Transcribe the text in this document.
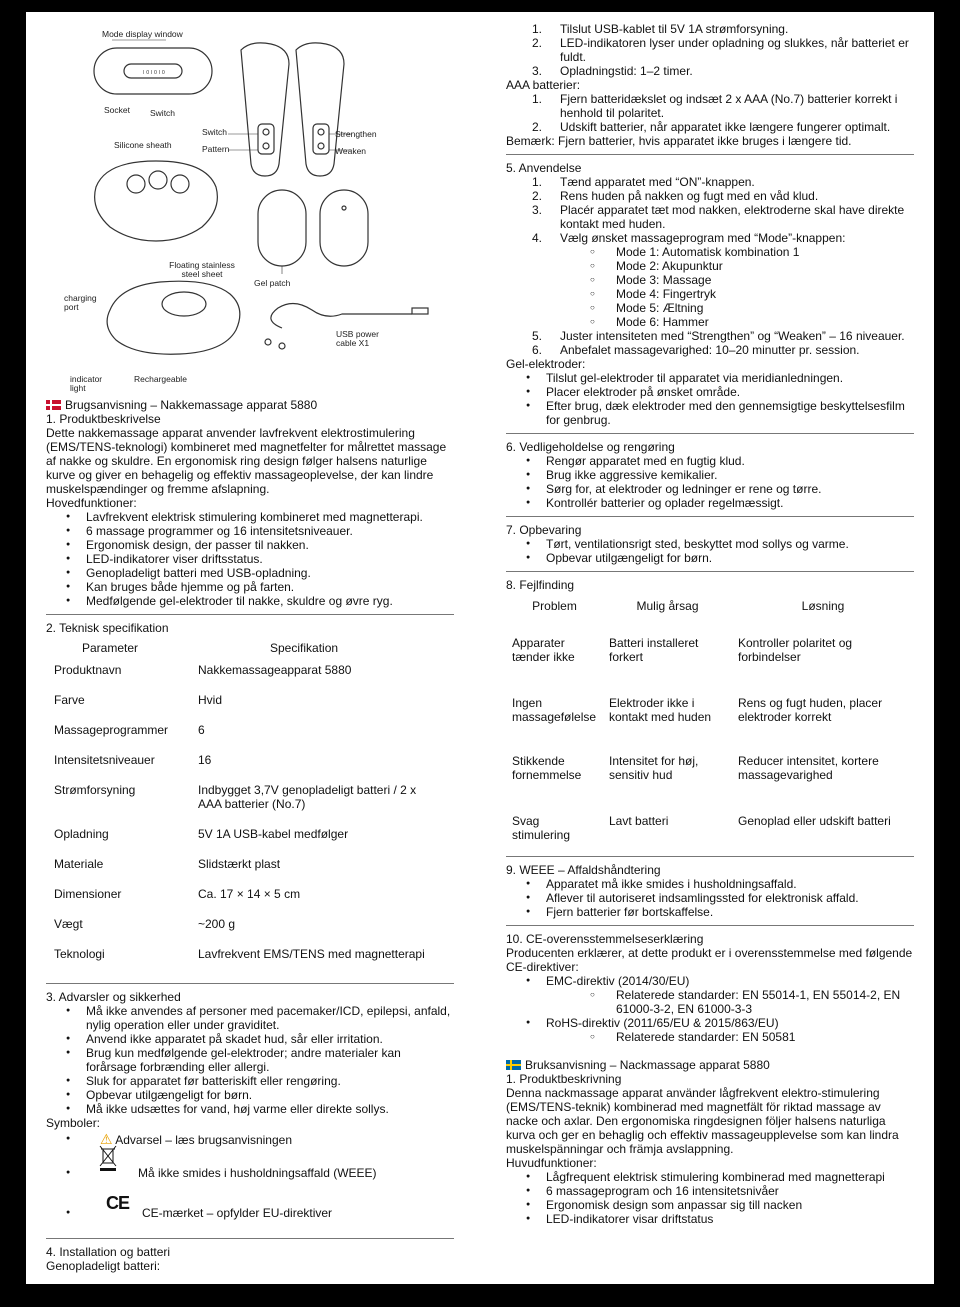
I 0 I 0 I 0
Mode display window
Socket Switch
Switch
Pattern
Strengthen
Weaken
Silicone sheath
Floating stainless steel sheet
Gel patch
charging port
USB power cable X1
indicator light
Rechargeable

Brugsanvisning – Nakkemassage apparat 5880

1. Produktbeskrivelse

Dette nakkemassage apparat anvender lavfrekvent elektrostimulering (EMS/TENS-teknologi) kombineret med magnetfelter for målrettet massage af nakke og skuldre. En ergonomisk ring design følger halsens naturlige kurve og giver en behagelig og effektiv massageoplevelse, der kan lindre muskelspændinger og fremme afslapning.

Hovedfunktioner:

● Lavfrekvent elektrisk stimulering kombineret med magnetterapi.
● 6 massage programmer og 16 intensitetsniveauer.
● Ergonomisk design, der passer til nakken.
● LED-indikatorer viser driftsstatus.
● Genopladeligt batteri med USB-opladning.
● Kan bruges både hjemme og på farten.
● Medfølgende gel-elektroder til nakke, skuldre og øvre ryg.

2. Teknisk specifikation

Parameter	Specifikation
Produktnavn	Nakkemassageapparat 5880
Farve	Hvid
Massageprogrammer	6
Intensitetsniveauer	16
Strømforsyning	Indbygget 3,7V genopladeligt batteri / 2 x AAA batterier (No.7)
Opladning	5V 1A USB-kabel medfølger
Materiale	Slidstærkt plast
Dimensioner	Ca. 17 × 14 × 5 cm
Vægt	~200 g
Teknologi	Lavfrekvent EMS/TENS med magnetterapi

3. Advarsler og sikkerhed

● Må ikke anvendes af personer med pacemaker/ICD, epilepsi, anfald, nylig operation eller under graviditet.
● Anvend ikke apparatet på skadet hud, sår eller irritation.
● Brug kun medfølgende gel-elektroder; andre materialer kan forårsage forbrænding eller allergi.
● Sluk for apparatet før batteriskift eller rengøring.
● Opbevar utilgængeligt for børn.
● Må ikke udsættes for vand, høj varme eller direkte sollys.

Symboler:

● ⚠ Advarsel – læs brugsanvisningen
● Må ikke smides i husholdningsaffald (WEEE)
● CE CE-mærket – opfylder EU-direktiver

4. Installation og batteri

Genopladeligt batteri:

1. Tilslut USB-kablet til 5V 1A strømforsyning.
2. LED-indikatoren lyser under opladning og slukkes, når batteriet er fuldt.
3. Opladningstid: 1–2 timer.

AAA batterier:

1. Fjern batteridækslet og indsæt 2 x AAA (No.7) batterier korrekt i henhold til polaritet.
2. Udskift batterier, når apparatet ikke længere fungerer optimalt.

Bemærk: Fjern batterier, hvis apparatet ikke bruges i længere tid.

5. Anvendelse

1. Tænd apparatet med “ON”-knappen.
2. Rens huden på nakken og fugt med en våd klud.
3. Placér apparatet tæt mod nakken, elektroderne skal have direkte kontakt med huden.
4. Vælg ønsket massageprogram med “Mode”-knappen:
○ Mode 1: Automatisk kombination 1
○ Mode 2: Akupunktur
○ Mode 3: Massage
○ Mode 4: Fingertryk
○ Mode 5: Æltning
○ Mode 6: Hammer
5. Juster intensiteten med “Strengthen” og “Weaken” – 16 niveauer.
6. Anbefalet massagevarighed: 10–20 minutter pr. session.

Gel-elektroder:

● Tilslut gel-elektroder til apparatet via meridianledningen.
● Placer elektroder på ønsket område.
● Efter brug, dæk elektroder med den gennemsigtige beskyttelsesfilm for genbrug.

6. Vedligeholdelse og rengøring

● Rengør apparatet med en fugtig klud.
● Brug ikke aggressive kemikalier.
● Sørg for, at elektroder og ledninger er rene og tørre.
● Kontrollér batterier og oplader regelmæssigt.

7. Opbevaring

● Tørt, ventilationsrigt sted, beskyttet mod sollys og varme.
● Opbevar utilgængeligt for børn.

8. Fejlfinding

Problem	Mulig årsag	Løsning
Apparater tænder ikke	Batteri installeret forkert	Kontroller polaritet og forbindelser
Ingen massagefølelse	Elektroder ikke i kontakt med huden	Rens og fugt huden, placer elektroder korrekt
Stikkende fornemmelse	Intensitet for høj, sensitiv hud	Reducer intensitet, kortere massagevarighed
Svag stimulering	Lavt batteri	Genoplad eller udskift batteri

9. WEEE – Affaldshåndtering

● Apparatet må ikke smides i husholdningsaffald.
● Aflever til autoriseret indsamlingssted for elektronisk affald.
● Fjern batterier før bortskaffelse.

10. CE-overensstemmelseserklæring

Producenten erklærer, at dette produkt er i overensstemmelse med følgende CE-direktiver:

● EMC-direktiv (2014/30/EU)
○ Relaterede standarder: EN 55014-1, EN 55014-2, EN 61000-3-2, EN 61000-3-3
● RoHS-direktiv (2011/65/EU & 2015/863/EU)
○ Relaterede standarder: EN 50581

Bruksanvisning – Nackmassage apparat 5880

1. Produktbeskrivning

Denna nackmassage apparat använder lågfrekvent elektro-stimulering (EMS/TENS-teknik) kombinerad med magnetfält för riktad massage av nacke och axlar. Den ergonomiska ringdesignen följer halsens naturliga kurva och ger en behaglig och effektiv massageupplevelse som kan lindra muskelspänningar och främja avslappning.

Huvudfunktioner:

● Lågfrequent elektrisk stimulering kombinerad med magnetterapi
● 6 massageprogram och 16 intensitetsnivåer
● Ergonomisk design som anpassar sig till nacken
● LED-indikatorer visar driftstatus
